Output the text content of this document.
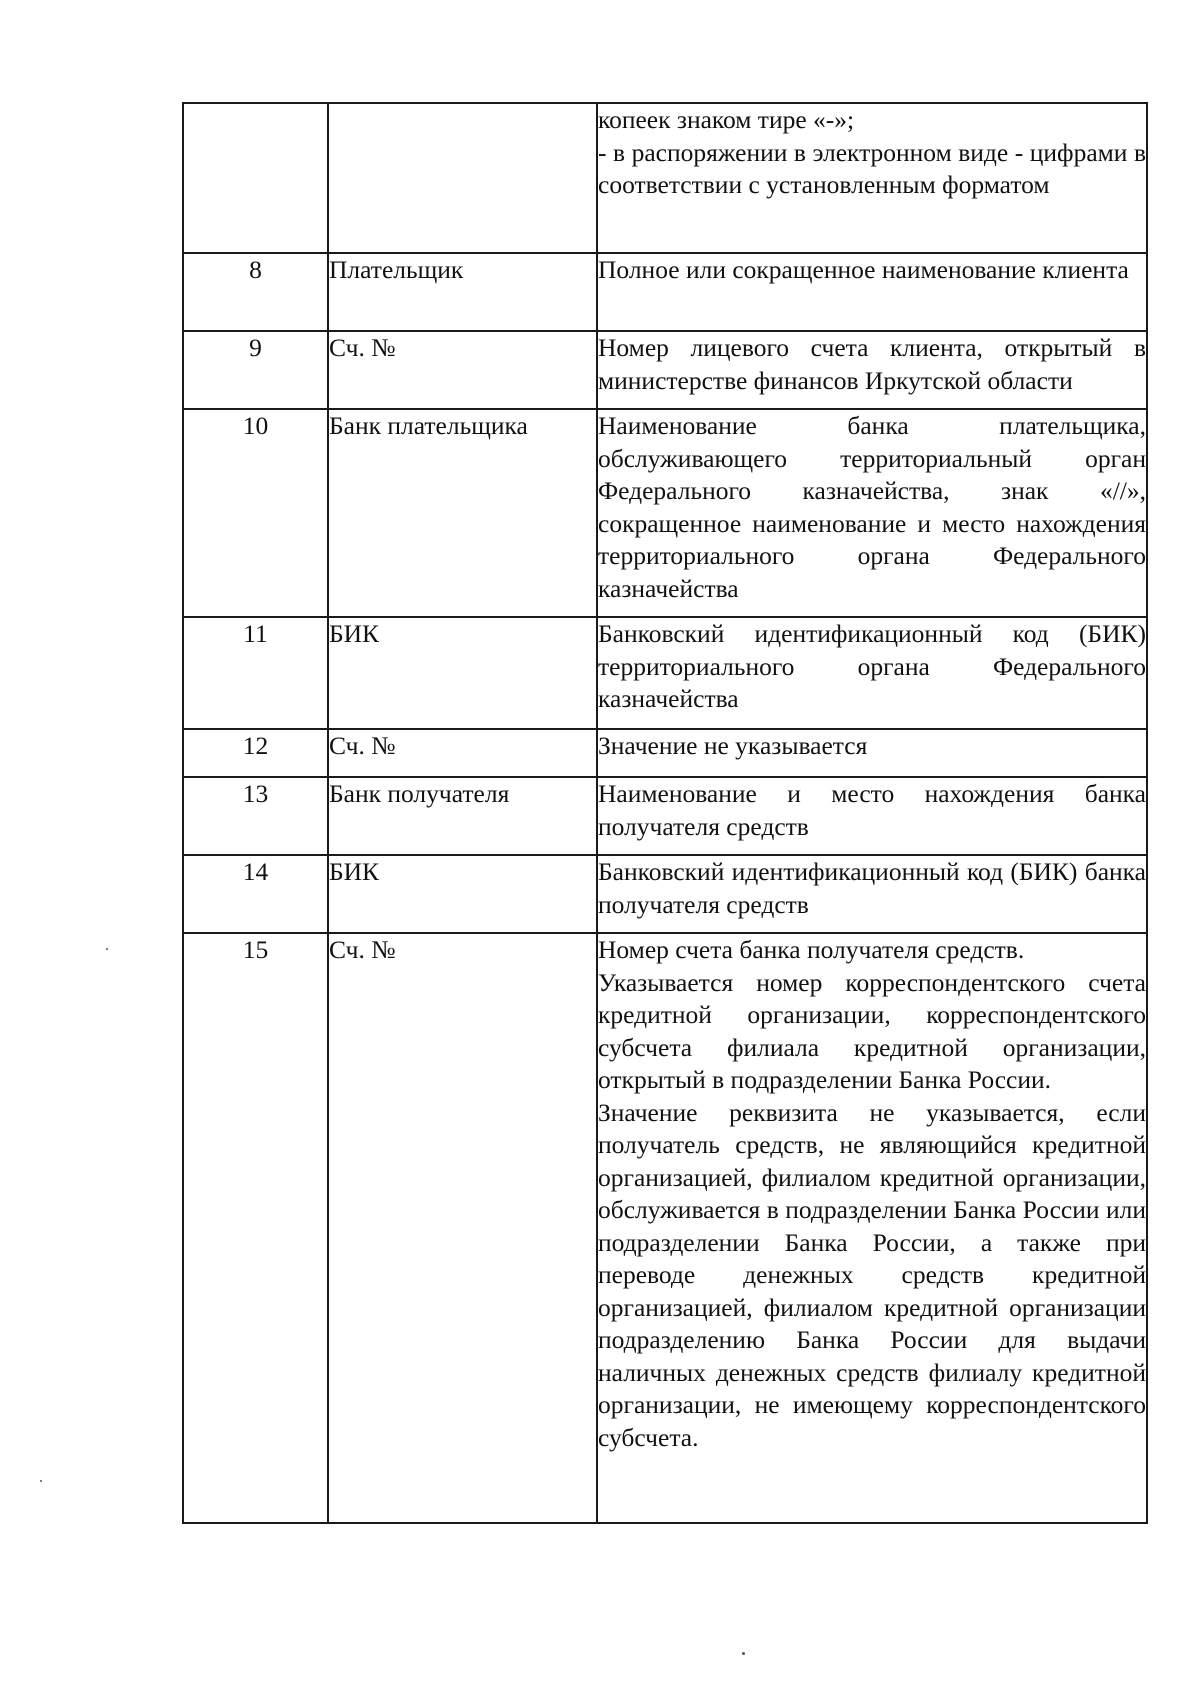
		копеек знаком тире «-»;
- в распоряжении в электронном виде - цифрами в соответствии с установленным форматом

8	Плательщик	Полное или сокращенное наименование клиента

9	Сч. №	Номер лицевого счета клиента, открытый в министерстве финансов Иркутской области

10	Банк плательщика	Наименование банка плательщика, обслуживающего территориальный орган Федерального казначейства, знак «//», сокращенное наименование и место нахождения территориального органа Федерального казначейства

11	БИК	Банковский идентификационный код (БИК) территориального органа Федерального казначейства

12	Сч. №	Значение не указывается

13	Банк получателя	Наименование и место нахождения банка получателя средств

14	БИК	Банковский идентификационный код (БИК) банка получателя средств

15	Сч. №	Номер счета банка получателя средств.
Указывается номер корреспондентского счета кредитной организации, корреспондентского субсчета филиала кредитной организации, открытый в подразделении Банка России.
Значение реквизита не указывается, если получатель средств, не являющийся кредитной организацией, филиалом кредитной организации, обслуживается в подразделении Банка России или подразделении Банка России, а также при переводе денежных средств кредитной организацией, филиалом кредитной организации подразделению Банка России для выдачи наличных денежных средств филиалу кредитной организации, не имеющему корреспондентского субсчета.
